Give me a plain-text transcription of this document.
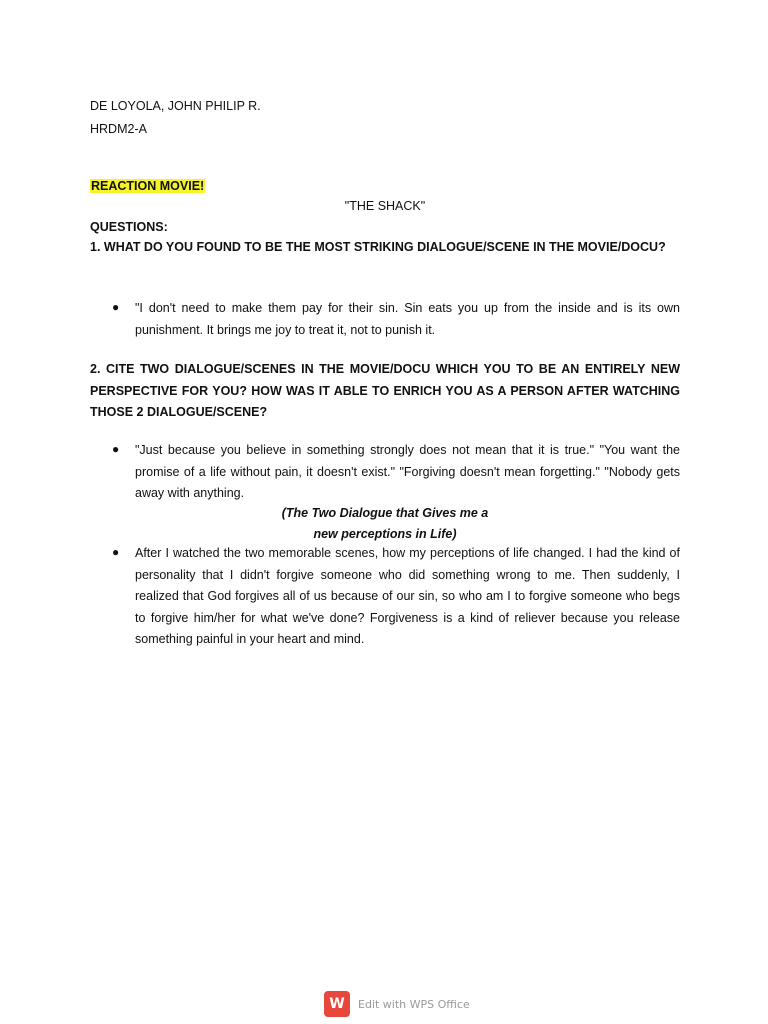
DE LOYOLA, JOHN PHILIP R.
HRDM2-A
REACTION MOVIE!
"THE SHACK"
QUESTIONS:
1. WHAT DO YOU FOUND TO BE THE MOST STRIKING DIALOGUE/SCENE IN THE MOVIE/DOCU?
●	"I don't need to make them pay for their sin. Sin eats you up from the inside and is its own punishment. It brings me joy to treat it, not to punish it.
2. CITE TWO DIALOGUE/SCENES IN THE MOVIE/DOCU WHICH YOU TO BE AN ENTIRELY NEW PERSPECTIVE FOR YOU? HOW WAS IT ABLE TO ENRICH YOU AS A PERSON AFTER WATCHING THOSE 2 DIALOGUE/SCENE?
●	"Just because you believe in something strongly does not mean that it is true." "You want the promise of a life without pain, it doesn't exist." "Forgiving doesn't mean forgetting." "Nobody gets away with anything.
(The Two Dialogue that Gives me a
new perceptions in Life)
●	After I watched the two memorable scenes, how my perceptions of life changed. I had the kind of personality that I didn't forgive someone who did something wrong to me. Then suddenly, I realized that God forgives all of us because of our sin, so who am I to forgive someone who begs to forgive him/her for what we've done? Forgiveness is a kind of reliever because you release something painful in your heart and mind.
W	Edit with WPS Office
